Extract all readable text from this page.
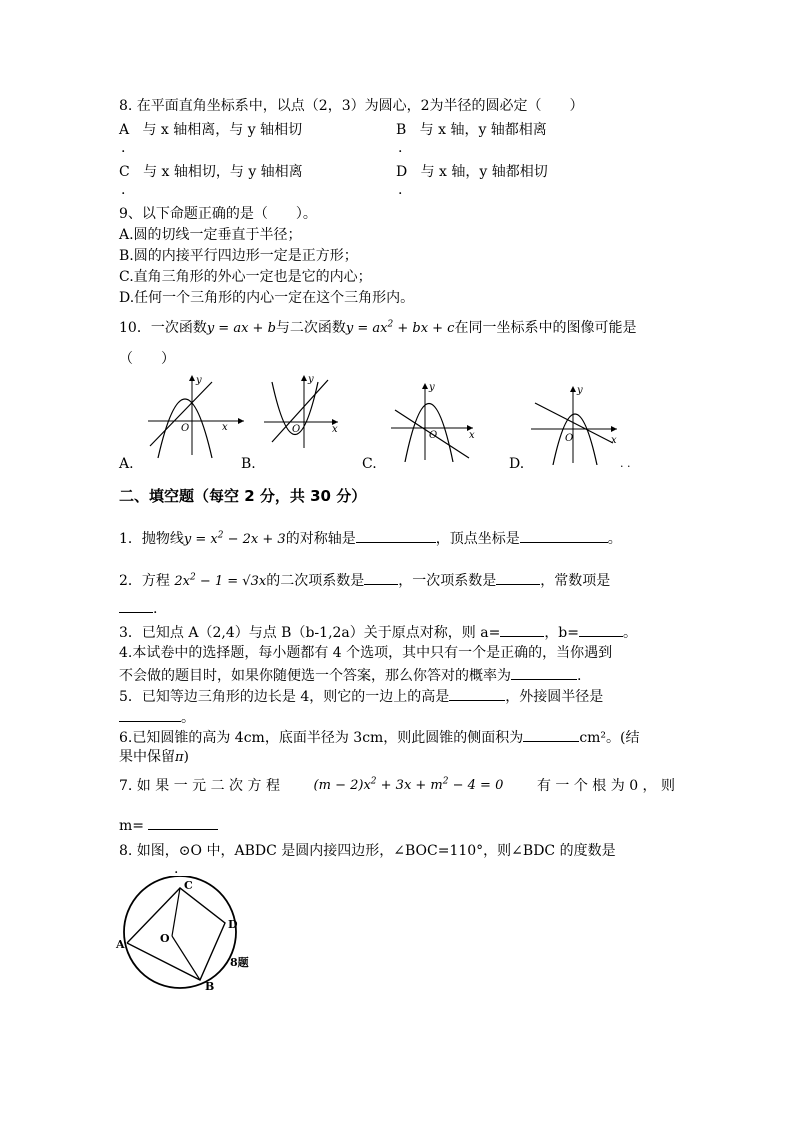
8. 在平面直角坐标系中，以点（2，3）为圆心，2为半径的圆必定（　　）
A 与 x 轴相离，与 y 轴相切	B 与 x 轴，y 轴都相离
.	.
C 与 x 轴相切，与 y 轴相离	D 与 x 轴，y 轴都相切
.	.
9、以下命题正确的是（　　）。
A.圆的切线一定垂直于半径；
B.圆的内接平行四边形一定是正方形；
C.直角三角形的外心一定也是它的内心；
D.任何一个三角形的内心一定在这个三角形内。
10．一次函数y = ax + b与二次函数$y = ax^2$ + bx + c在同一坐标系中的图像可能是
（　　）
x
y
O	x
y
O
x
y
O	x
y
O
A.	B.	C.	D.	. .
二、填空题（每空 2 分，共 30 分）
1．抛物线$y = x^2 - 2x + 3$的对称轴是	，顶点坐标是	。
2．方程 $2x^2 - 1 = √3x$的二次项系数是 ，一次项系数是	，常数项是
.
3．已知点 A（2,4）与点 B（b-1,2a）关于原点对称，则 a=	，b=	。
4.本试卷中的选择题，每小题都有 4 个选项，其中只有一个是正确的，当你遇到
不会做的题目时，如果你随便选一个答案，那么你答对的概率为	.
5．已知等边三角形的边长是 4，则它的一边上的高是	，外接圆半径是
。
6.已知圆锥的高为 4cm，底面半径为 3cm，则此圆锥的侧面积为	cm²。(结
果中保留π)
7. 如 果 一 元 二 次 方 程	$(m - 2)x^2 + 3x + m^2 - 4 = 0$ 有 一 个 根 为 0 ， 则
m=
8. 如图，⊙O 中，ABDC 是圆内接四边形，∠BOC=110°，则∠BDC 的度数是
.
A
C
D
B
O
8题
